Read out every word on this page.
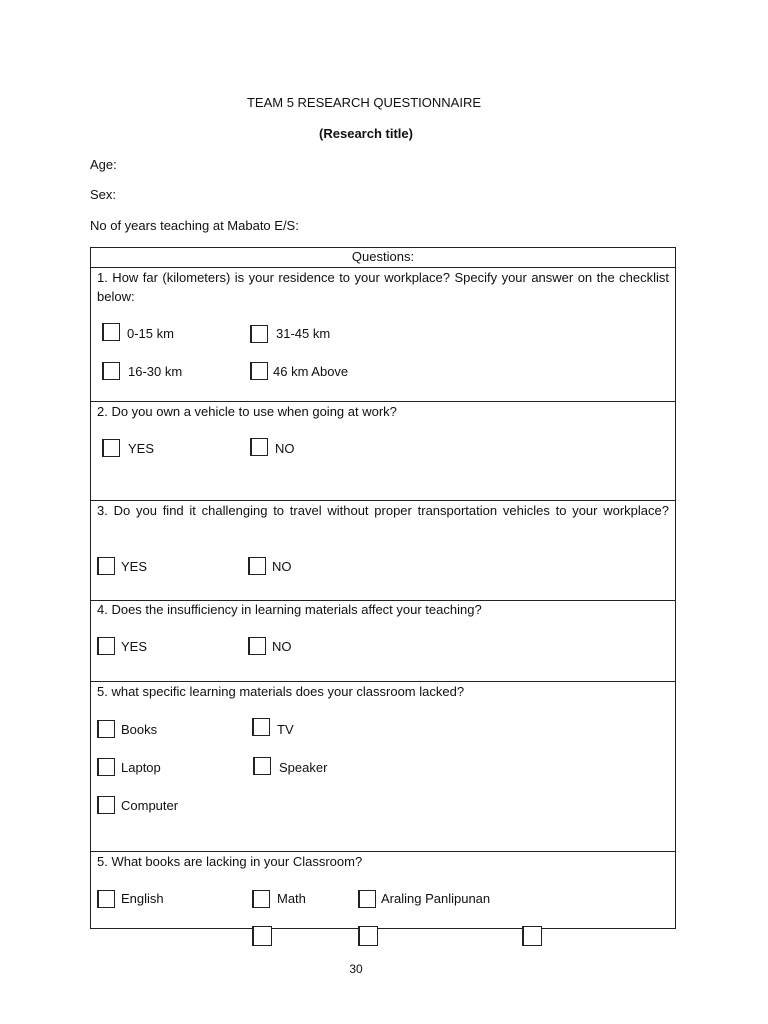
TEAM 5 RESEARCH QUESTIONNAIRE
(Research title)
Age:
Sex:
No of years teaching at Mabato E/S:
Questions:
1. How far (kilometers) is your residence to your workplace? Specify your answer on the checklist below:
0-15 km	31-45 km
16-30 km	46 km Above
2. Do you own a vehicle to use when going at work?
YES	NO
3. Do you find it challenging to travel without proper transportation vehicles to your workplace?
YES	NO
4. Does the insufficiency in learning materials affect your teaching?
YES	NO
5. what specific learning materials does your classroom lacked?
Books	TV
Laptop	Speaker
Computer
5. What books are lacking in your Classroom?
English	Math	Araling Panlipunan
30
